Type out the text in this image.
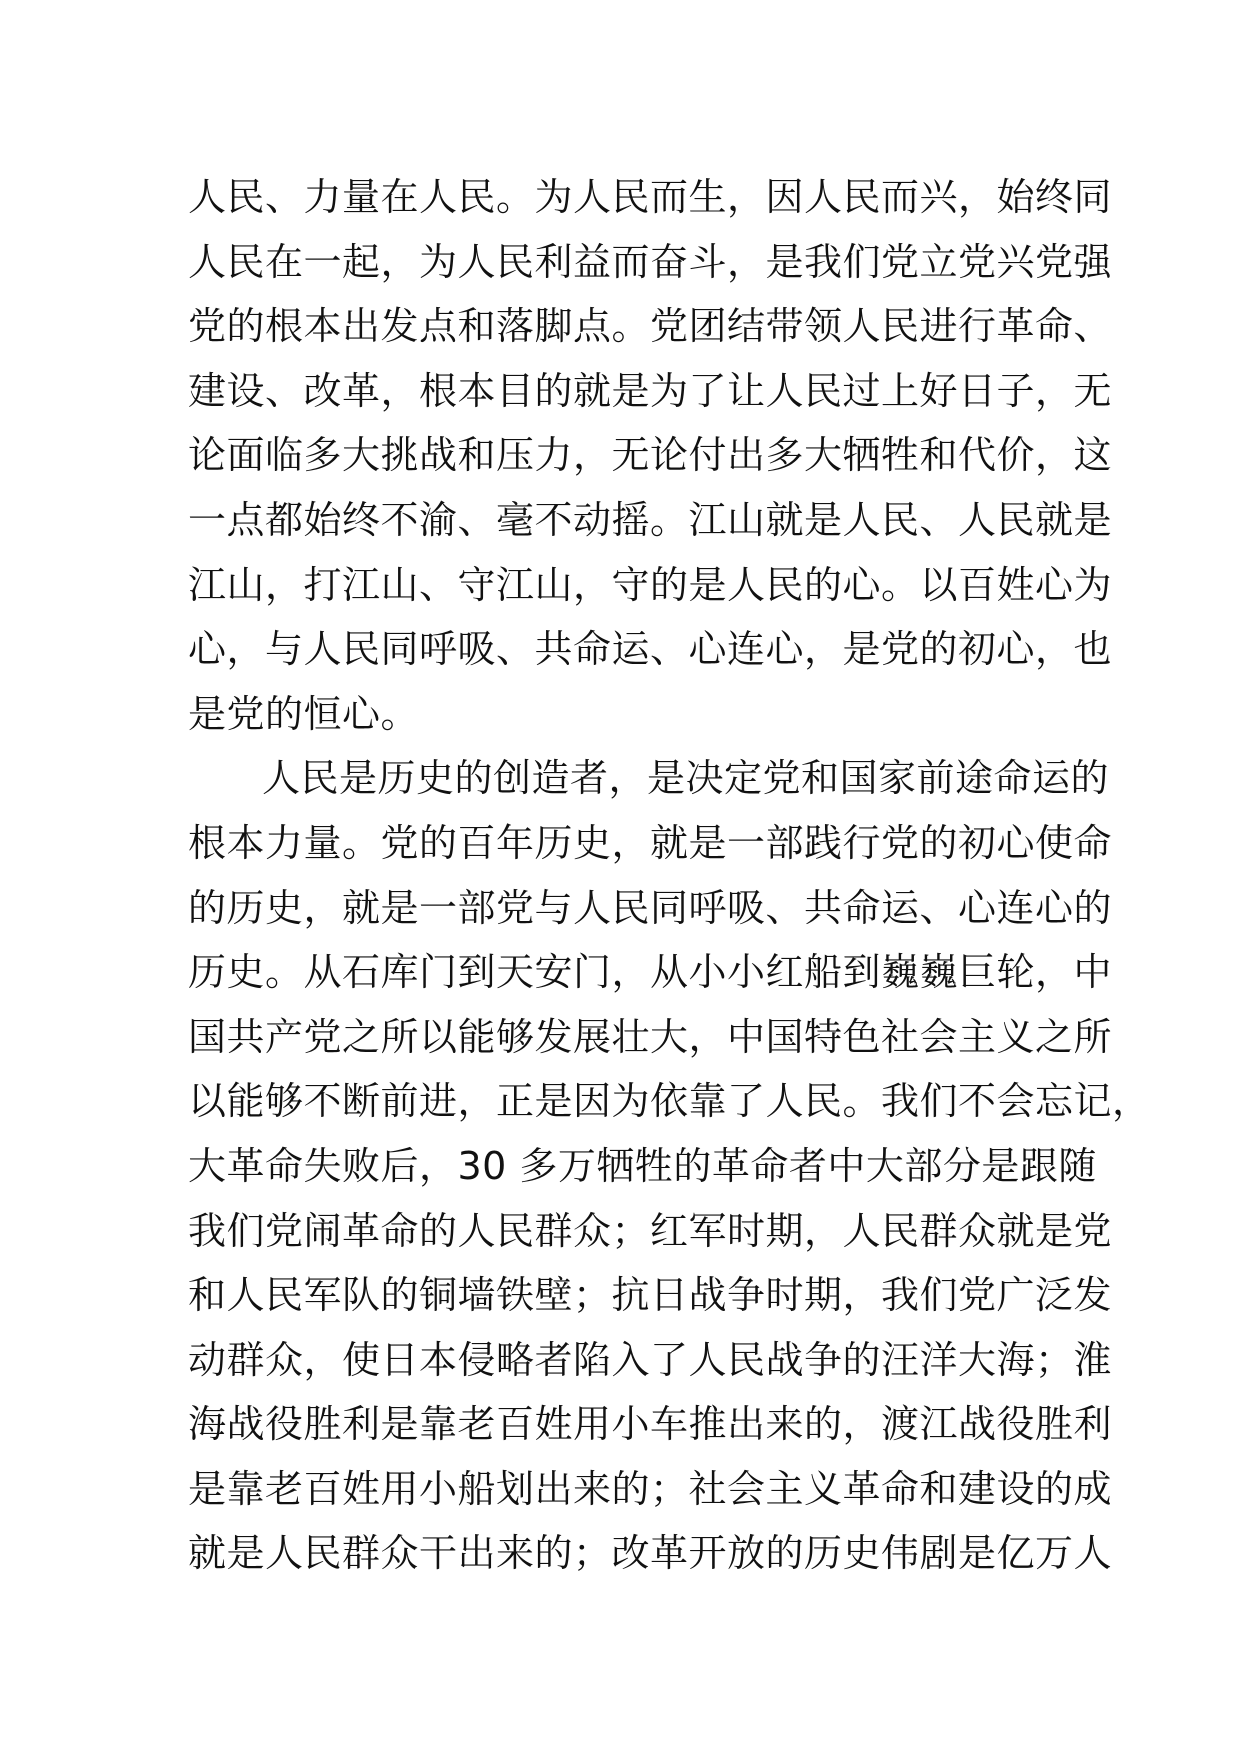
人民、力量在人民。为人民而生，因人民而兴，始终同
人民在一起，为人民利益而奋斗，是我们党立党兴党强
党的根本出发点和落脚点。党团结带领人民进行革命、
建设、改革，根本目的就是为了让人民过上好日子，无
论面临多大挑战和压力，无论付出多大牺牲和代价，这
一点都始终不渝、毫不动摇。江山就是人民、人民就是
江山，打江山、守江山，守的是人民的心。以百姓心为
心，与人民同呼吸、共命运、心连心，是党的初心，也
是党的恒心。
人民是历史的创造者，是决定党和国家前途命运的
根本力量。党的百年历史，就是一部践行党的初心使命
的历史，就是一部党与人民同呼吸、共命运、心连心的
历史。从石库门到天安门，从小小红船到巍巍巨轮，中
国共产党之所以能够发展壮大，中国特色社会主义之所
以能够不断前进，正是因为依靠了人民。我们不会忘记，
大革命失败后，30 多万牺牲的革命者中大部分是跟随
我们党闹革命的人民群众；红军时期，人民群众就是党
和人民军队的铜墙铁壁；抗日战争时期，我们党广泛发
动群众，使日本侵略者陷入了人民战争的汪洋大海；淮
海战役胜利是靠老百姓用小车推出来的，渡江战役胜利
是靠老百姓用小船划出来的；社会主义革命和建设的成
就是人民群众干出来的；改革开放的历史伟剧是亿万人
